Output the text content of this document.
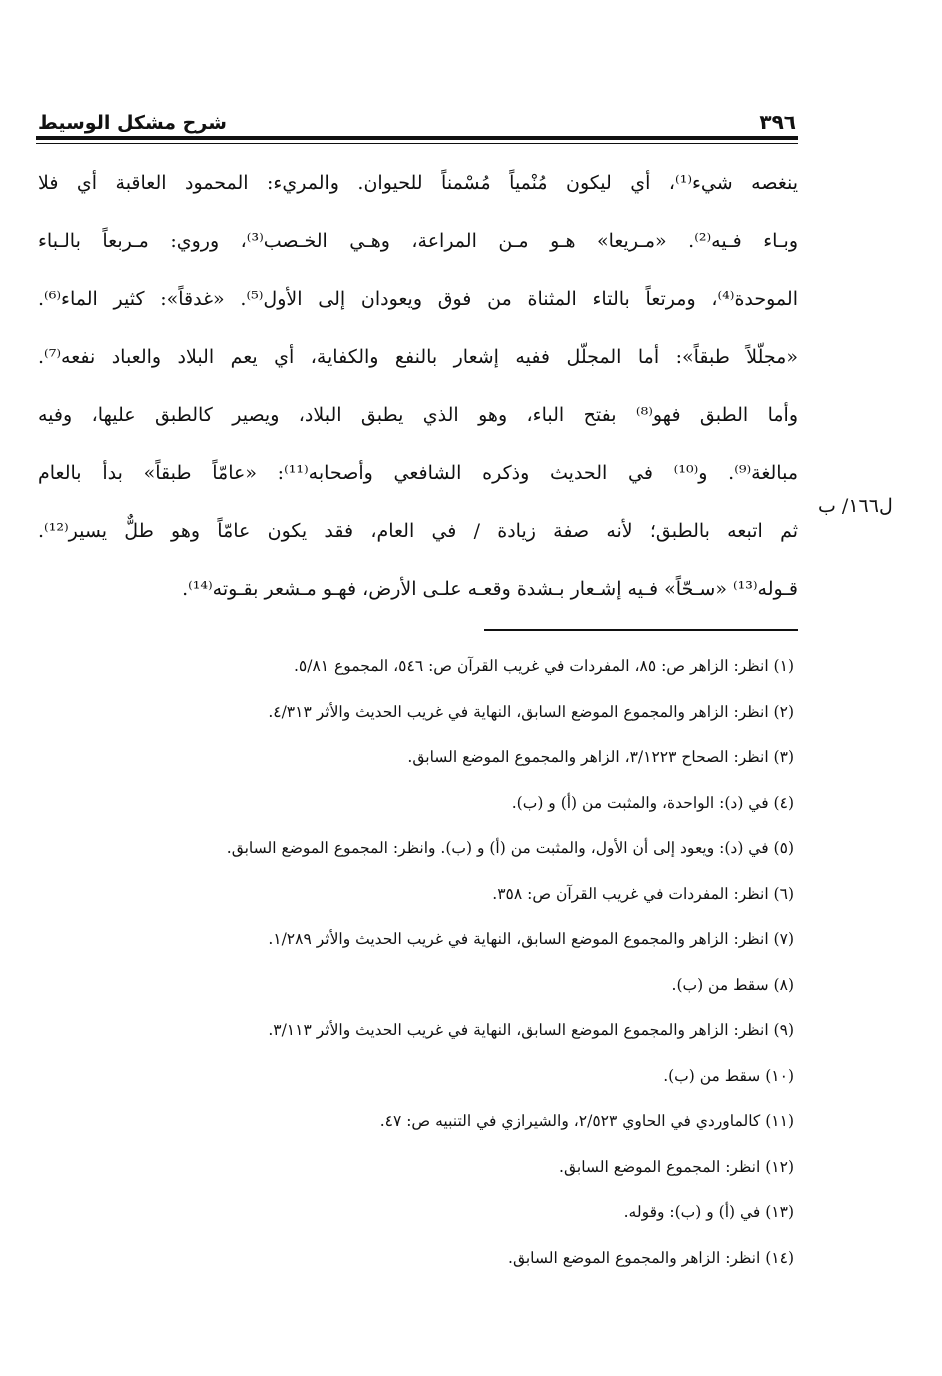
٣٩٦
شرح مشكل الوسيط
ينغصه شيء⁽¹⁾، أي ليكون مُنْمياً مُسْمناً للحيوان. والمريء: المحمود العاقبة أي فلا
وبـاء فـيه⁽²⁾. «مـريعا» هـو مـن المراعة، وهـي الخـصب⁽³⁾، وروي: مـربعاً بالـباء
الموحدة⁽⁴⁾، ومرتعاً بالتاء المثناة من فوق ويعودان إلى الأول⁽⁵⁾. «غدقاً»: كثير الماء⁽⁶⁾.
«مجلّلاً طبقاً»: أما المجلّل ففيه إشعار بالنفع والكفاية، أي يعم البلاد والعباد نفعه⁽⁷⁾.
وأما الطبق فهو⁽⁸⁾ بفتح الباء، وهو الذي يطبق البلاد، ويصير كالطبق عليها، وفيه
مبالغة⁽⁹⁾. و⁽¹⁰⁾ في الحديث وذكره الشافعي وأصحابه⁽¹¹⁾: «عامّاً طبقاً» بدأ بالعام
ثم اتبعه بالطبق؛ لأنه صفة زيادة / في العام، فقد يكون عامّاً وهو طلٌّ يسير⁽¹²⁾.
قـوله⁽¹³⁾ «سـحّاً» فـيه إشـعار بـشدة وقعـه علـى الأرض، فهـو مـشعر بقـوته⁽¹⁴⁾.
ل١٦٦/ ب
(١) انظر: الزاهر ص: ٨٥، المفردات في غريب القرآن ص: ٥٤٦، المجموع ٥/٨١.
(٢) انظر: الزاهر والمجموع الموضع السابق، النهاية في غريب الحديث والأثر ٤/٣١٣.
(٣) انظر: الصحاح ٣/١٢٢٣، الزاهر والمجموع الموضع السابق.
(٤) في (د): الواحدة، والمثبت من (أ) و (ب).
(٥) في (د): ويعود إلى أن الأول، والمثبت من (أ) و (ب). وانظر: المجموع الموضع السابق.
(٦) انظر: المفردات في غريب القرآن ص: ٣٥٨.
(٧) انظر: الزاهر والمجموع الموضع السابق، النهاية في غريب الحديث والأثر ١/٢٨٩.
(٨) سقط من (ب).
(٩) انظر: الزاهر والمجموع الموضع السابق، النهاية في غريب الحديث والأثر ٣/١١٣.
(١٠) سقط من (ب).
(١١) كالماوردي في الحاوي ٢/٥٢٣، والشيرازي في التنبيه ص: ٤٧.
(١٢) انظر: المجموع الموضع السابق.
(١٣) في (أ) و (ب): وقوله.
(١٤) انظر: الزاهر والمجموع الموضع السابق.
